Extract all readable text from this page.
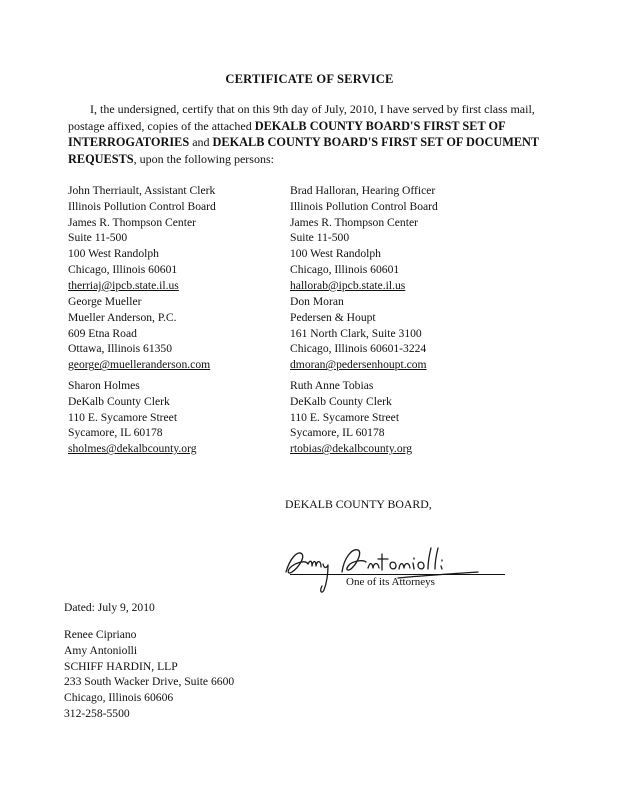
CERTIFICATE OF SERVICE
I, the undersigned, certify that on this 9th day of July, 2010, I have served by first class mail, postage affixed, copies of the attached DEKALB COUNTY BOARD'S FIRST SET OF INTERROGATORIES and DEKALB COUNTY BOARD'S FIRST SET OF DOCUMENT REQUESTS, upon the following persons:
John Therriault, Assistant Clerk
Illinois Pollution Control Board
James R. Thompson Center
Suite 11-500
100 West Randolph
Chicago, Illinois 60601
therriaj@ipcb.state.il.us
Brad Halloran, Hearing Officer
Illinois Pollution Control Board
James R. Thompson Center
Suite 11-500
100 West Randolph
Chicago, Illinois 60601
hallorab@ipcb.state.il.us
George Mueller
Mueller Anderson, P.C.
609 Etna Road
Ottawa, Illinois 61350
george@muelleranderson.com
Don Moran
Pedersen & Houpt
161 North Clark, Suite 3100
Chicago, Illinois 60601-3224
dmoran@pedersenhoupt.com
Sharon Holmes
DeKalb County Clerk
110 E. Sycamore Street
Sycamore, IL 60178
sholmes@dekalbcounty.org
Ruth Anne Tobias
DeKalb County Clerk
110 E. Sycamore Street
Sycamore, IL 60178
rtobias@dekalbcounty.org
DEKALB COUNTY BOARD,
One of its Attorneys
Dated: July 9, 2010
Renee Cipriano
Amy Antoniolli
SCHIFF HARDIN, LLP
233 South Wacker Drive, Suite 6600
Chicago, Illinois 60606
312-258-5500
